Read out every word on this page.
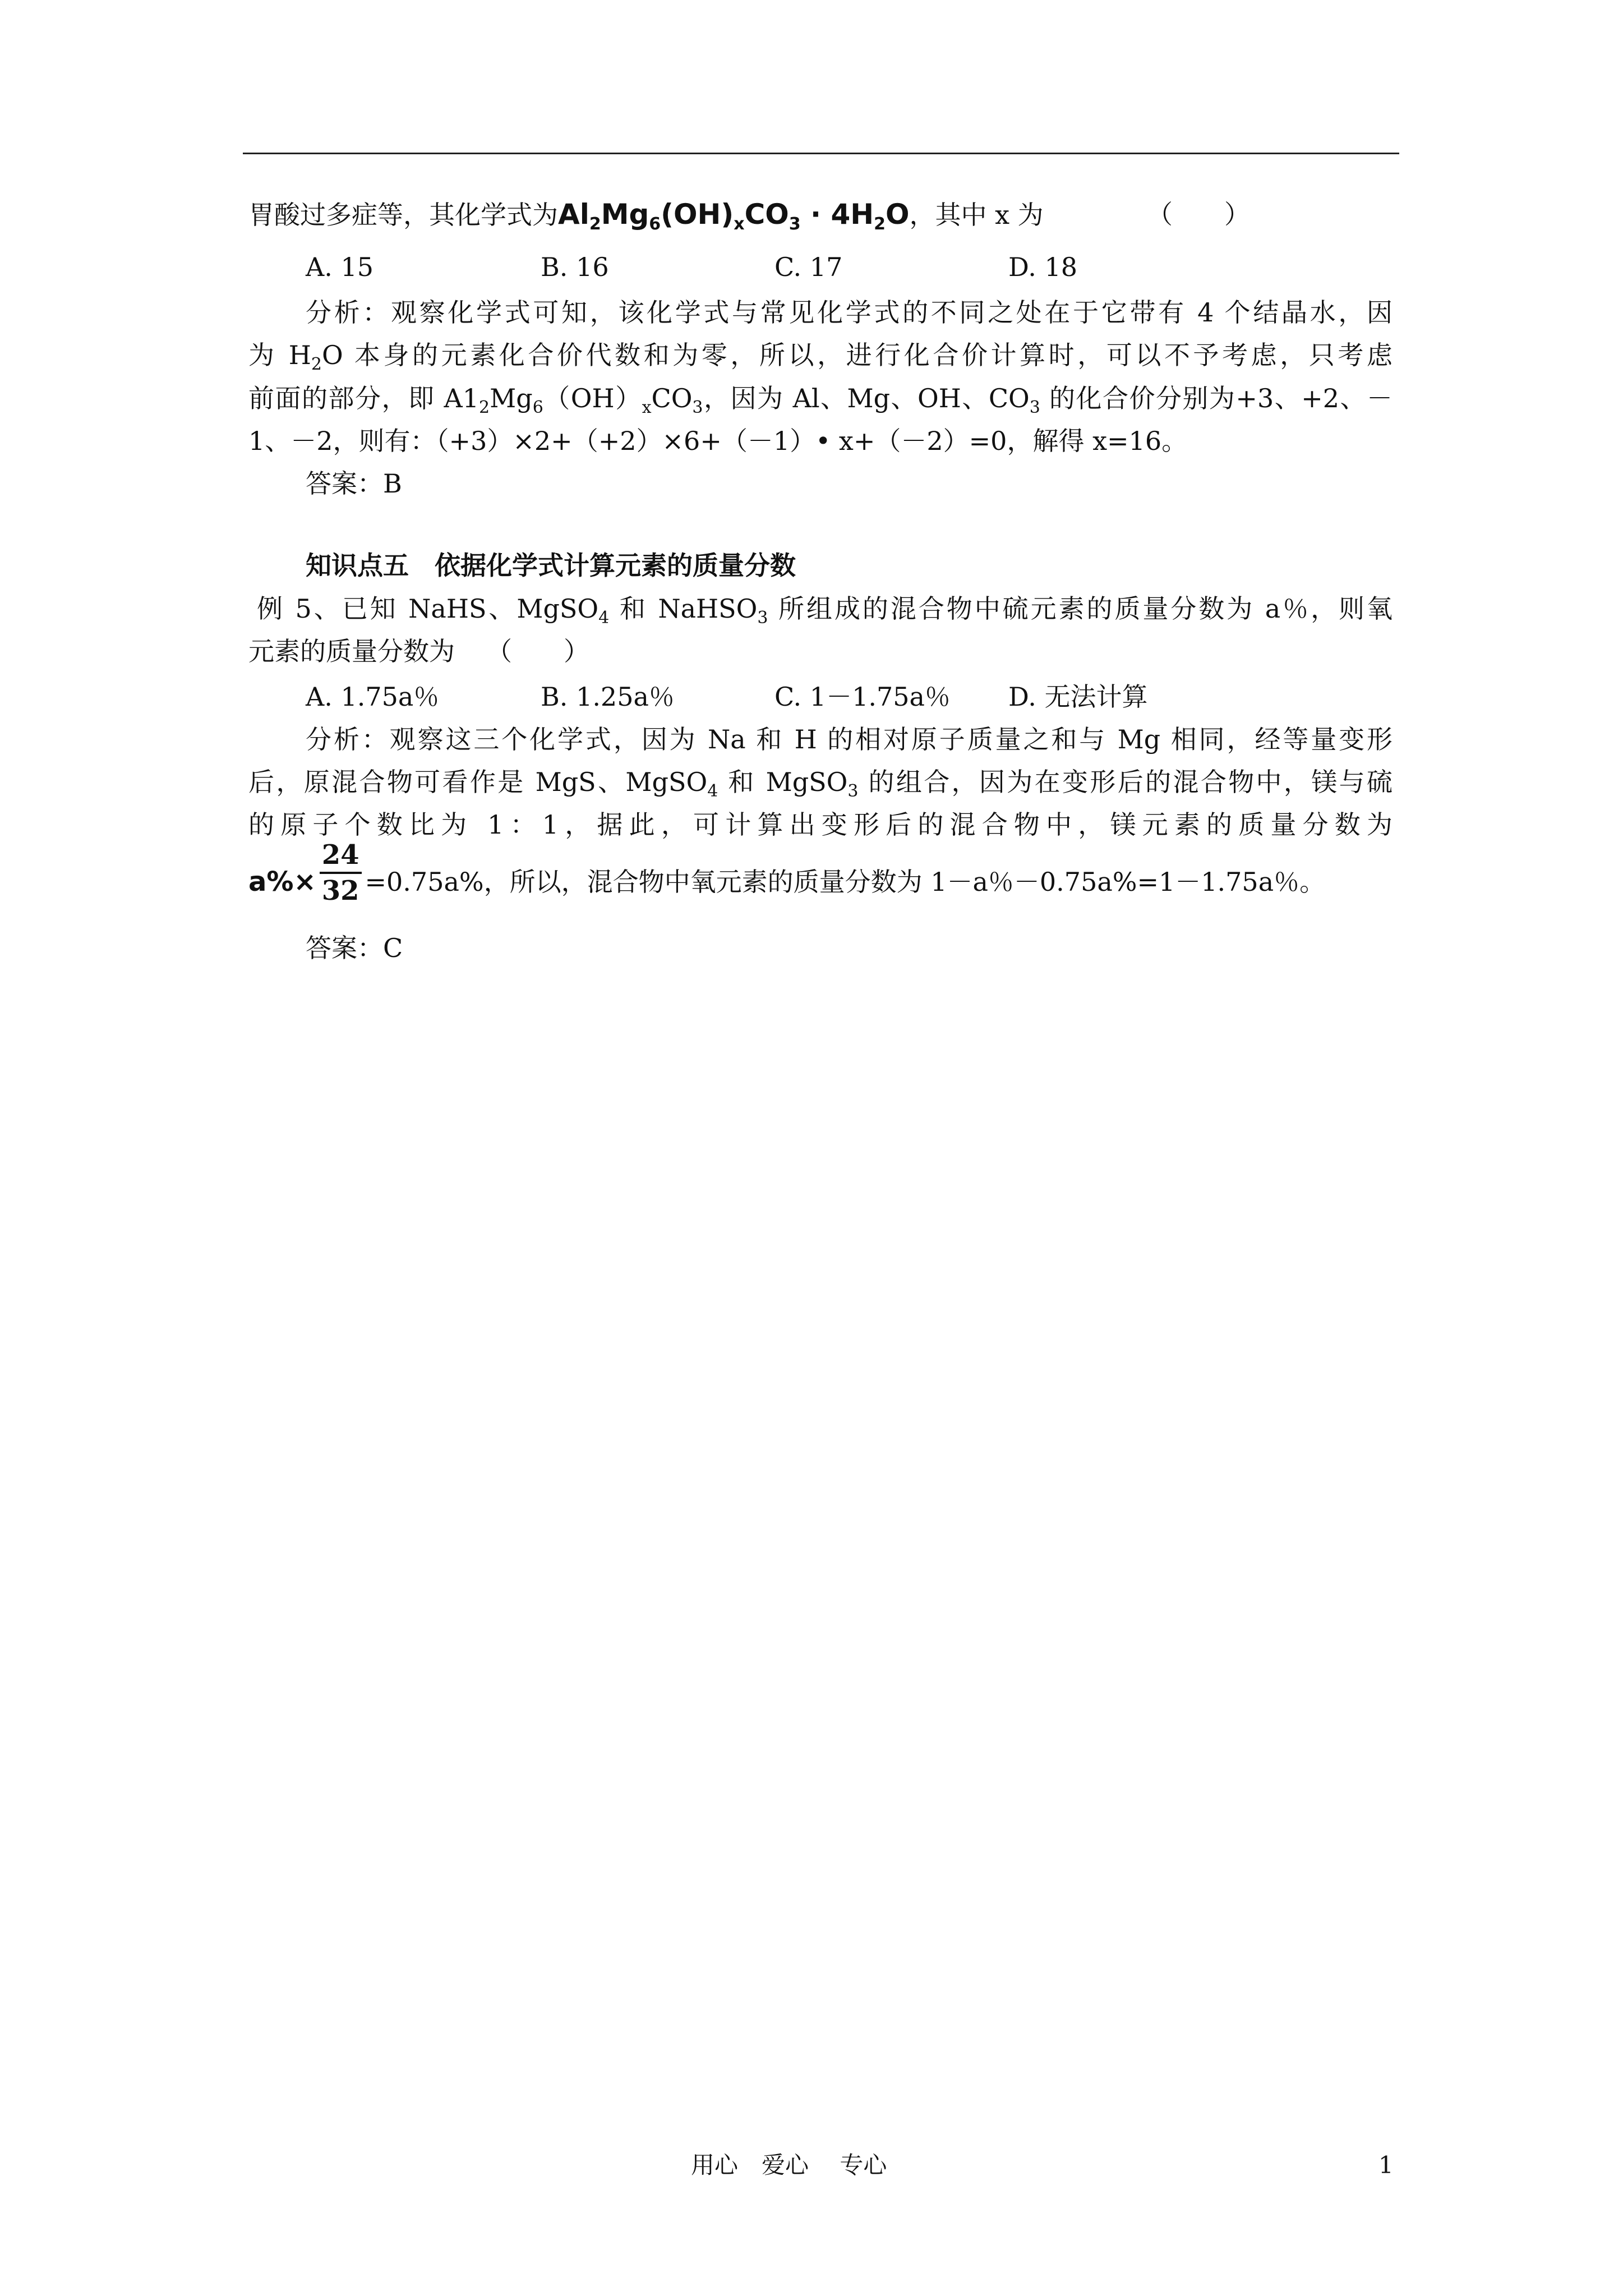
胃酸过多症等，其化学式为$Al_2Mg_6(OH)_xCO_3 \cdot 4H_2O$，其中 x 为	（　　）
A. 15	B. 16	C. 17	D. 18
分析：观察化学式可知，该化学式与常见化学式的不同之处在于它带有 4 个结晶水，因
为 $H_2O$ 本身的元素化合价代数和为零，所以，进行化合价计算时，可以不予考虑，只考虑
前面的部分，即 $A1_2Mg_6(OH)_xCO_3$，因为 Al、Mg、OH、$CO_3$ 的化合价分别为+3、+2、－
1、－2，则有：（+3）×2+（+2）×6+（－1）• x+（－2）=0，解得 x=16。
答案：B
知识点五　依据化学式计算元素的质量分数
例 5、已知 NaHS、MgSO$_4$ 和 NaHSO$_3$ 所组成的混合物中硫元素的质量分数为 a％，则氧
元素的质量分数为 （　　）
A. 1.75a％	B. 1.25a％	C. 1－1.75a％ D. 无法计算
分析：观察这三个化学式，因为 Na 和 H 的相对原子质量之和与 Mg 相同，经等量变形
后，原混合物可看作是 MgS、MgSO$_4$ 和 MgSO$_3$ 的组合，因为在变形后的混合物中，镁与硫
的原子个数比为 1：1，据此，可计算出变形后的混合物中，镁元素的质量分数为
$a\%\times \frac{24}{32} =0.75a\%$，所以，混合物中氧元素的质量分数为 1－a％－0.75a%=1－1.75a％。
答案：C
用心　爱心　 专心	1
